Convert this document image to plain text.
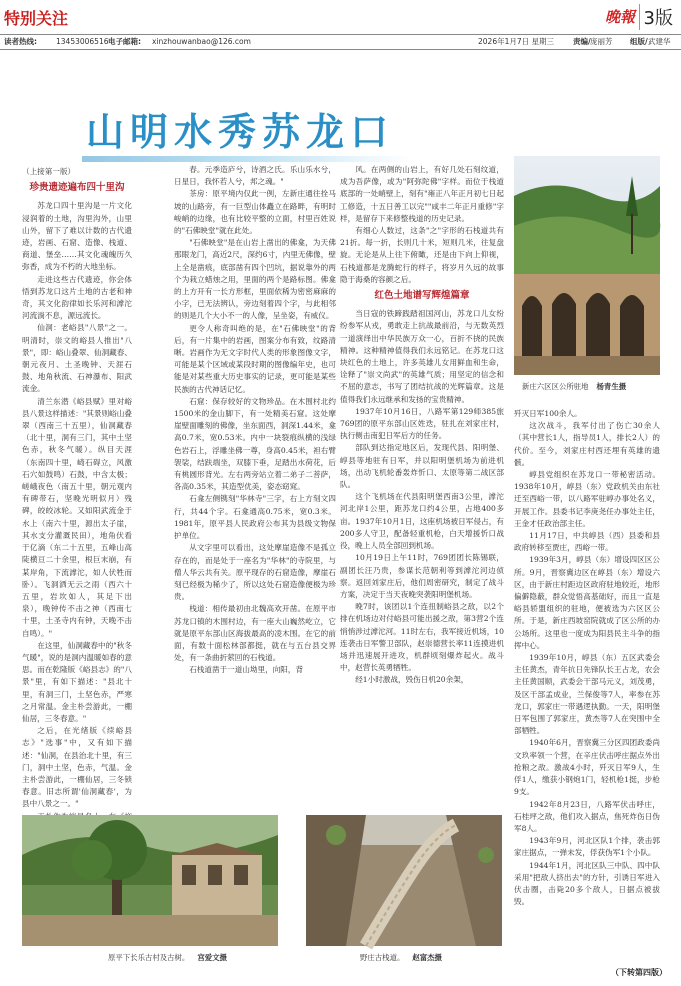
特别关注	晚報 3版
读者热线:	13453006516 电子邮箱: xinzhouwanbao@126.com	2026年1月7日 星期三	责编/ 庞丽芳 组版/ 武建华
山明水秀苏龙口
（上接第一版）
珍贵遗迹遍布四十里沟

苏龙口四十里沟是一片文化浸润着的土地，沟里沟外，山里山外，留下了难以计数的古代遗迹，岩画、石窟、造像、栈道、商道、堡垒……其文化魂魄历久弥香，成为不朽的大地坐标。

走进这些古代遗迹，你会体悟到苏龙口这片土地的古老和神奇，其文化韵律如长乐河和滹沱河流淌不息，源远流长。

仙洞：老峪县"八景"之一。明清时，崇文的峪县人推出"八景"，即：峪山叠翠、仙洞藏春、朝元夜月、土圣晚钟、天涯石鼓、地角秋流、石神瀑布、阳武流金。

清兰东潜《峪县赋》里对峪县八景这样描述："其景则峪山叠翠（西南三十五里），仙洞藏春（北十里，洞有三门，其中土坚色赤，秋冬气暖）。纵目天涯（东南四十里，崎石碍立，风激石穴如鼓鸣）石鼓，中含太极；嵯峨夜色（南五十里，朝元观内有碑带石，坚晚光明似月）残碑，皎皎冰轮。又如阳武流金于水上（南六十里，源出太子崖，其水支分灌溉民田），地角伏看于亿滴（东二十五里，五峰山高陡横亘二十余里，根巨末崩，有某岸角，下流滹沱，如人伏牲而卧）。飞洞洒无云之雨（西六十五里，岩坎如人，其足下出泉），晚钟传不击之神（西南七十里，土圣寺内有钟，天晚不击自鸣）。"

在这里，仙洞藏春中的"秋冬气暖"，说的是洞内温暖如春的意思。而在乾隆版《峪县志》的"八景"里，有如下描述："县北十里，有洞三门，土坚色赤，严寒之月常温。金主朴尝游此，一棚仙居，三冬春意。"

之后，在光绪版《续峪县志》"选事"中，又有如下描述："仙洞，在县治北十里，有三门，洞中土坚，色赤，气温。金主朴尝游此，一棚仙居，三冬锁春意。旧志所谓'仙洞藏春'，为县中八景之一。"

春。元季造庐兮，诗酒之氏。乐山乐水兮，日星日，我怀若人兮，邦之魂。"

茶房：原平境内仅此一例，左新庄通往拴马坡的山路旁，有一巨型山体矗立在路畔，有明时峻峭的边缘，也有比较平整的立面，村里百姓说的"石佛映堂"就在此处。

"石佛映堂"是在山岩上凿出的佛龛，为天佛那眼龙门，高近2尺，深约6寸，内里无佛像，壁上全是凿痕，底部凿有四个凹坑，据说靠外的两个为栽立蜡烛之用，里面的两个是路标图。佛龛的上方开有一长方形框，里面依稀为密密麻麻的小字，已无法辨认，旁边刻着四个字，与此相邻的则是几个大小不一的人像，呈坐姿，有威仪。

更令人称奇叫绝的是，在"石佛映堂"的背后，有一片集中的岩画，图案分布有致，纹路清晰。岩画作为无文字时代人类的形象图像文字，可能是某个区域或某段时期的图像编年史，也可能是对某些重大历史事实的记录，更可能是某些民族的古代神话记忆。

石窟：保存较好的文物珍品。在木围村北约1500米的金山脚下，有一处精美石窟。这处摩崖壁面雕刻的佛像，坐东面西，洞深1.44米，龛高0.7米，宽0.53米。内中一块裂痕纵横的浅绿色岩石上，浮雕坐佛一尊，身高0.45米，袒右臂袈裟，结趺端坐，双膝下垂，足踏出水荷花，后有桃圆形背光。左右两旁站立着二弟子二菩萨，各高0.35米，其造型优美，姿态窈窕。

石龛左侧镌刻"华林寺"三字，右上方刻文四行，共44个字。石龛通高0.75米，宽0.3米。1981年，原平县人民政府公布其为县级文物保护单位。

从文字里可以看出，这处摩崖造像不是孤立存在的，而是处于一座名为"华林"的寺院里，与僧人华云共有关。原平现存的石窟造像，摩崖石刻已经极为稀少了，所以这处石窟造像便极为珍贵。

栈道：相传最初由北魏高欢开凿。在原平市苏龙口镇的木围村边，有一座大山巍然屹立，它就是原平东部山区海拔最高的凌木围。在它的前面，有数十面松林部都挺，就在与五台县交界处，有一条曲折萦回的石栈道。

石栈道凿于一道山坳里，向阳，背

风。在两侧的山岩上，有好几处石刻纹道，成为吾萨像，或为"阿弥陀佛"字样。而位于栈道底部的一处峭壁上，刻有"雍正八年正月初七日起工修造，十五日善工以完""咸丰二年正月重修"字样，是留存下来修整栈道的历史记录。

有细心人数过，这条"之"字形的石栈道共有21折。每一折，长则几十米，短则几米，往复盘旋。无论是从上往下俯瞰，还是由下向上仰视，石栈道都是龙腾蛇行的样子，将岁月久远的故事隐于海桑的容颜之后。

红色土地谱写辉煌篇章

当日寇的铁蹄践踏祖国河山，苏龙口儿女纷纷参军从戎，勇敢走上抗战最前沿，与无数英烈一道演绎出中华民族万众一心，百折不挠的民族精神。这种精神值得我们永远铭记。在苏龙口这块红色的土地上，许多英雄儿女用鲜血和生命，诠释了"崇文尚武"的英雄气质；用坚定的信念和不屈的意志，书写了团结抗战的光辉篇章。这是值得我们永远继承和发扬的宝贵精神。

1937年10月16日，八路军第129师385旅769团的原平东部山区姓迭，驻扎在刘家庄村，执行侧击南犯日军后方的任务。

部队到达指定地区后，发现代县、阳明堡、崞县等地驻有日军，并以阳明堡机场为前进机场，出动飞机轮番轰炸忻口、太原等第二战区部队。

这个飞机场在代县阳明堡西南3公里，滹沱河北岸1公里，距苏龙口约4公里，占地400多亩。1937年10月1日，这座机场被日军侵占，有200多人守卫，配备轻重机枪，白天增援忻口战役，晚上人员全部回到机场。

10月19日上午11时，769团团长陈锡联，副团长汪乃贵，参谋长范朝利等到滹沱河边侦察。返回刘家庄后，他们周密研究，制定了战斗方案，决定于当天夜晚突袭阳明堡机场。

晚7时，该团以1个连扭制峪县之敌，以2个排在机场边对付峪县可能出援之敌，第3营2个连悄悄涉过滹沱河。11时左右，我军接近机场，10连袭击日军警卫部队，赵崇德营长率11连摸进机场并迅速展开进攻，机群顷刻爆炸起火。战斗中，赵营长英勇牺牲。

经1小时激战，毁伤日机20余架，

新庄六区区公所驻地 杨青生摄

歼灭日军100余人。

这次战斗，我军付出了伤亡30余人（其中营长1人，指导员1人，排长2人）的代价。至今，刘家庄村西还埋有英雄的遗骸。

崞县党组织在苏龙口一带秘密活动。1938年10月，崞县（东）党政机关由东社迁至西峪一带，以八路军驻崞办事处名义，开展工作。县委书记李庚尧任办事处主任，王金才任政治部主任。

11月17日，中共崞县（西）县委和县政府转移至贾庄，西峪一带。

1939年3月，崞县（东）增设四区区公所。9月，晋察冀边区在崞县（东）增设六区，由于新庄村距边区政府驻地较近，地形偏僻隐蔽，群众觉悟高基础好，而且一直是峪县轿盟组织的驻地，便被选为六区区公所。于是，新庄西坡窑院就成了区公所的办公场所。这里也一度成为阳县民主斗争的指挥中心。

1939年10月，崞县（东）五区武委会主任黄杰，青年抗日先锋队长王占龙，农会主任黄国顺，武委会干部马元义，刘茂勇，及区干部孟成业，兰保俊等7人，率参在苏龙口，郭家庄一带遇逻执勤。一天，阳明堡日军包围了郭家庄，黄杰等7人在突围中全部牺牲。

1940年6月，晋察冀三分区四团政委尚文玖率领一个营，在辛庄伏击呼庄据点外出抢粮之敌。激战4小时，歼灭日军9人，生俘1人，缴获小钢炮1门，轻机枪1挺，步枪9支。

1942年8月23日，八路军伏击呼庄，石桂坪之敌，他们攻入据点，焦死炸伤日伪军8人。

1943年9月，河北区队1个排，袭击郭家庄据点，一弹未发，俘获伪军1个小队。

1944年1月，河北区队三中队、四中队采用"把敌人挤出去"的方针，引诱日军进入伏击圈，击毙20多个敌人，日据点被拔毁。

原平下长乐古村及古树。 宫爱文摄	野庄古栈道。 赵富杰摄
（下转第四版）
